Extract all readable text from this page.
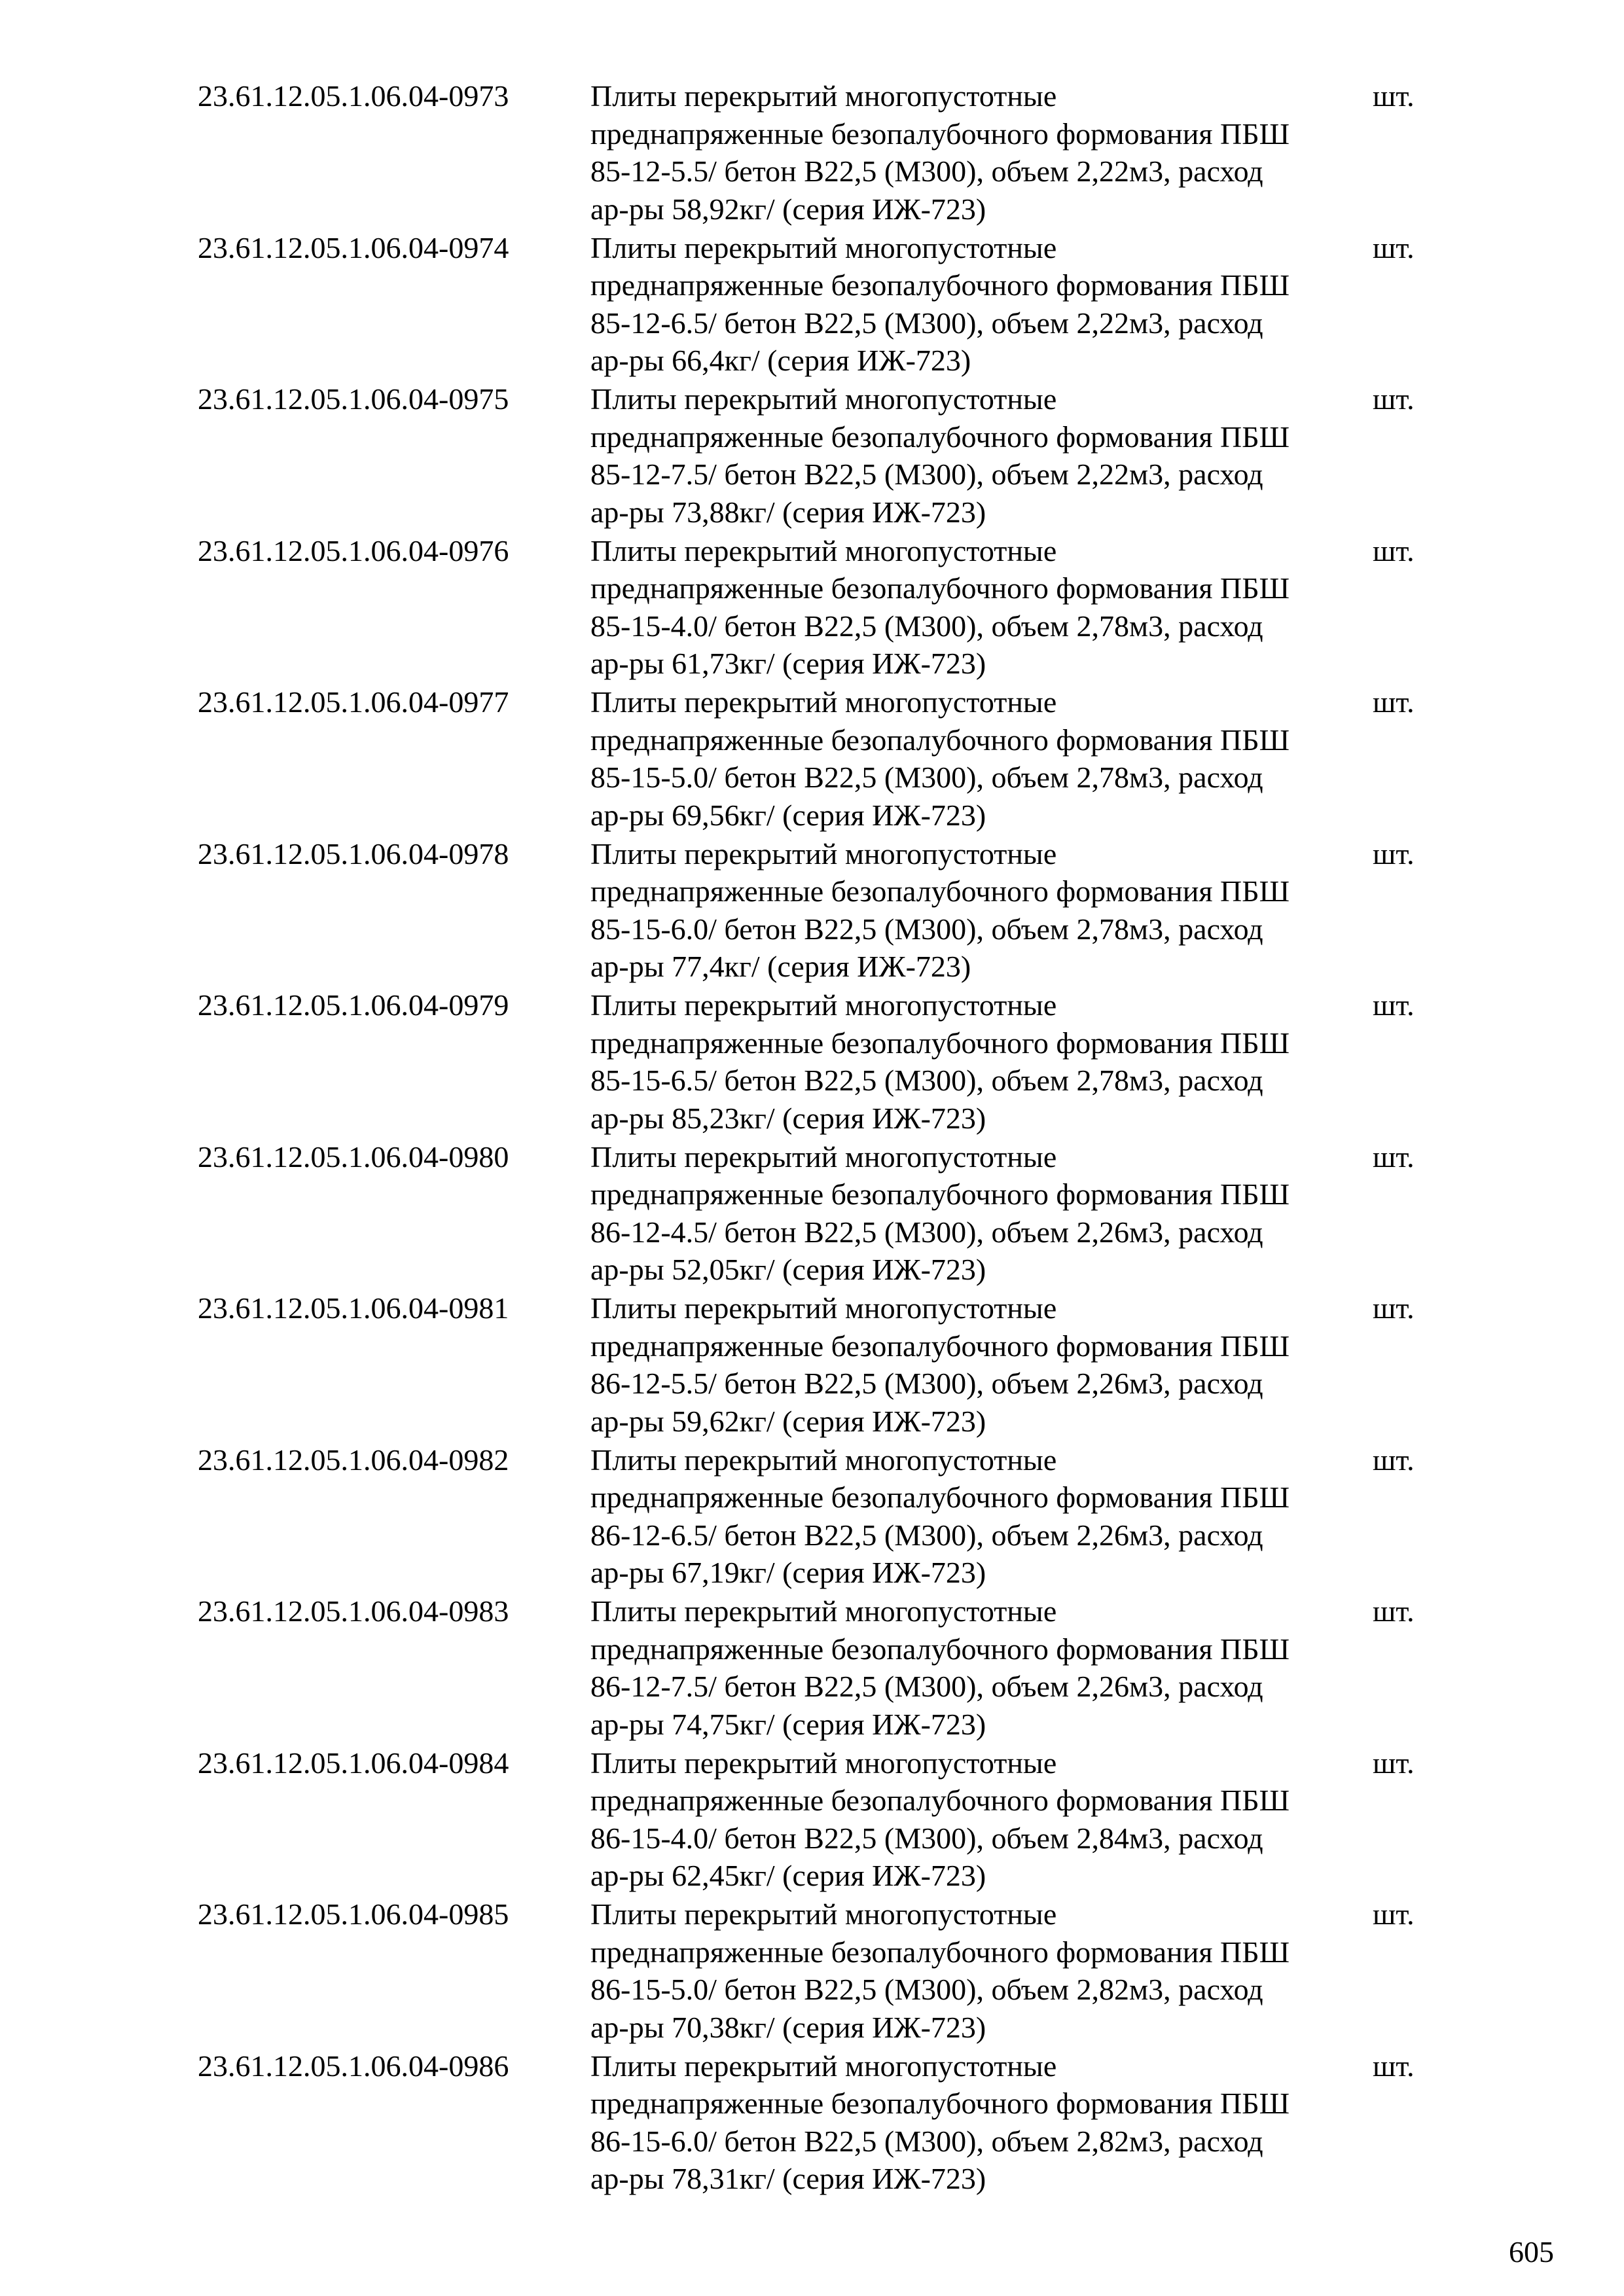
23.61.12.05.1.06.04-0973	Плиты перекрытий многопустотные
преднапряженные безопалубочного формования ПБШ
85-12-5.5/ бетон В22,5 (М300), объем 2,22м3, расход
ар-ры 58,92кг/ (серия ИЖ-723)
шт.
23.61.12.05.1.06.04-0974	Плиты перекрытий многопустотные
преднапряженные безопалубочного формования ПБШ
85-12-6.5/ бетон В22,5 (М300), объем 2,22м3, расход
ар-ры 66,4кг/ (серия ИЖ-723)
шт.
23.61.12.05.1.06.04-0975	Плиты перекрытий многопустотные
преднапряженные безопалубочного формования ПБШ
85-12-7.5/ бетон В22,5 (М300), объем 2,22м3, расход
ар-ры 73,88кг/ (серия ИЖ-723)
шт.
23.61.12.05.1.06.04-0976	Плиты перекрытий многопустотные
преднапряженные безопалубочного формования ПБШ
85-15-4.0/ бетон В22,5 (М300), объем 2,78м3, расход
ар-ры 61,73кг/ (серия ИЖ-723)
шт.
23.61.12.05.1.06.04-0977	Плиты перекрытий многопустотные
преднапряженные безопалубочного формования ПБШ
85-15-5.0/ бетон В22,5 (М300), объем 2,78м3, расход
ар-ры 69,56кг/ (серия ИЖ-723)
шт.
23.61.12.05.1.06.04-0978	Плиты перекрытий многопустотные
преднапряженные безопалубочного формования ПБШ
85-15-6.0/ бетон В22,5 (М300), объем 2,78м3, расход
ар-ры 77,4кг/ (серия ИЖ-723)
шт.
23.61.12.05.1.06.04-0979	Плиты перекрытий многопустотные
преднапряженные безопалубочного формования ПБШ
85-15-6.5/ бетон В22,5 (М300), объем 2,78м3, расход
ар-ры 85,23кг/ (серия ИЖ-723)
шт.
23.61.12.05.1.06.04-0980	Плиты перекрытий многопустотные
преднапряженные безопалубочного формования ПБШ
86-12-4.5/ бетон В22,5 (М300), объем 2,26м3, расход
ар-ры 52,05кг/ (серия ИЖ-723)
шт.
23.61.12.05.1.06.04-0981	Плиты перекрытий многопустотные
преднапряженные безопалубочного формования ПБШ
86-12-5.5/ бетон В22,5 (М300), объем 2,26м3, расход
ар-ры 59,62кг/ (серия ИЖ-723)
шт.
23.61.12.05.1.06.04-0982	Плиты перекрытий многопустотные
преднапряженные безопалубочного формования ПБШ
86-12-6.5/ бетон В22,5 (М300), объем 2,26м3, расход
ар-ры 67,19кг/ (серия ИЖ-723)
шт.
23.61.12.05.1.06.04-0983	Плиты перекрытий многопустотные
преднапряженные безопалубочного формования ПБШ
86-12-7.5/ бетон В22,5 (М300), объем 2,26м3, расход
ар-ры 74,75кг/ (серия ИЖ-723)
шт.
23.61.12.05.1.06.04-0984	Плиты перекрытий многопустотные
преднапряженные безопалубочного формования ПБШ
86-15-4.0/ бетон В22,5 (М300), объем 2,84м3, расход
ар-ры 62,45кг/ (серия ИЖ-723)
шт.
23.61.12.05.1.06.04-0985	Плиты перекрытий многопустотные
преднапряженные безопалубочного формования ПБШ
86-15-5.0/ бетон В22,5 (М300), объем 2,82м3, расход
ар-ры 70,38кг/ (серия ИЖ-723)
шт.
23.61.12.05.1.06.04-0986	Плиты перекрытий многопустотные
преднапряженные безопалубочного формования ПБШ
86-15-6.0/ бетон В22,5 (М300), объем 2,82м3, расход
ар-ры 78,31кг/ (серия ИЖ-723)
шт.
605
